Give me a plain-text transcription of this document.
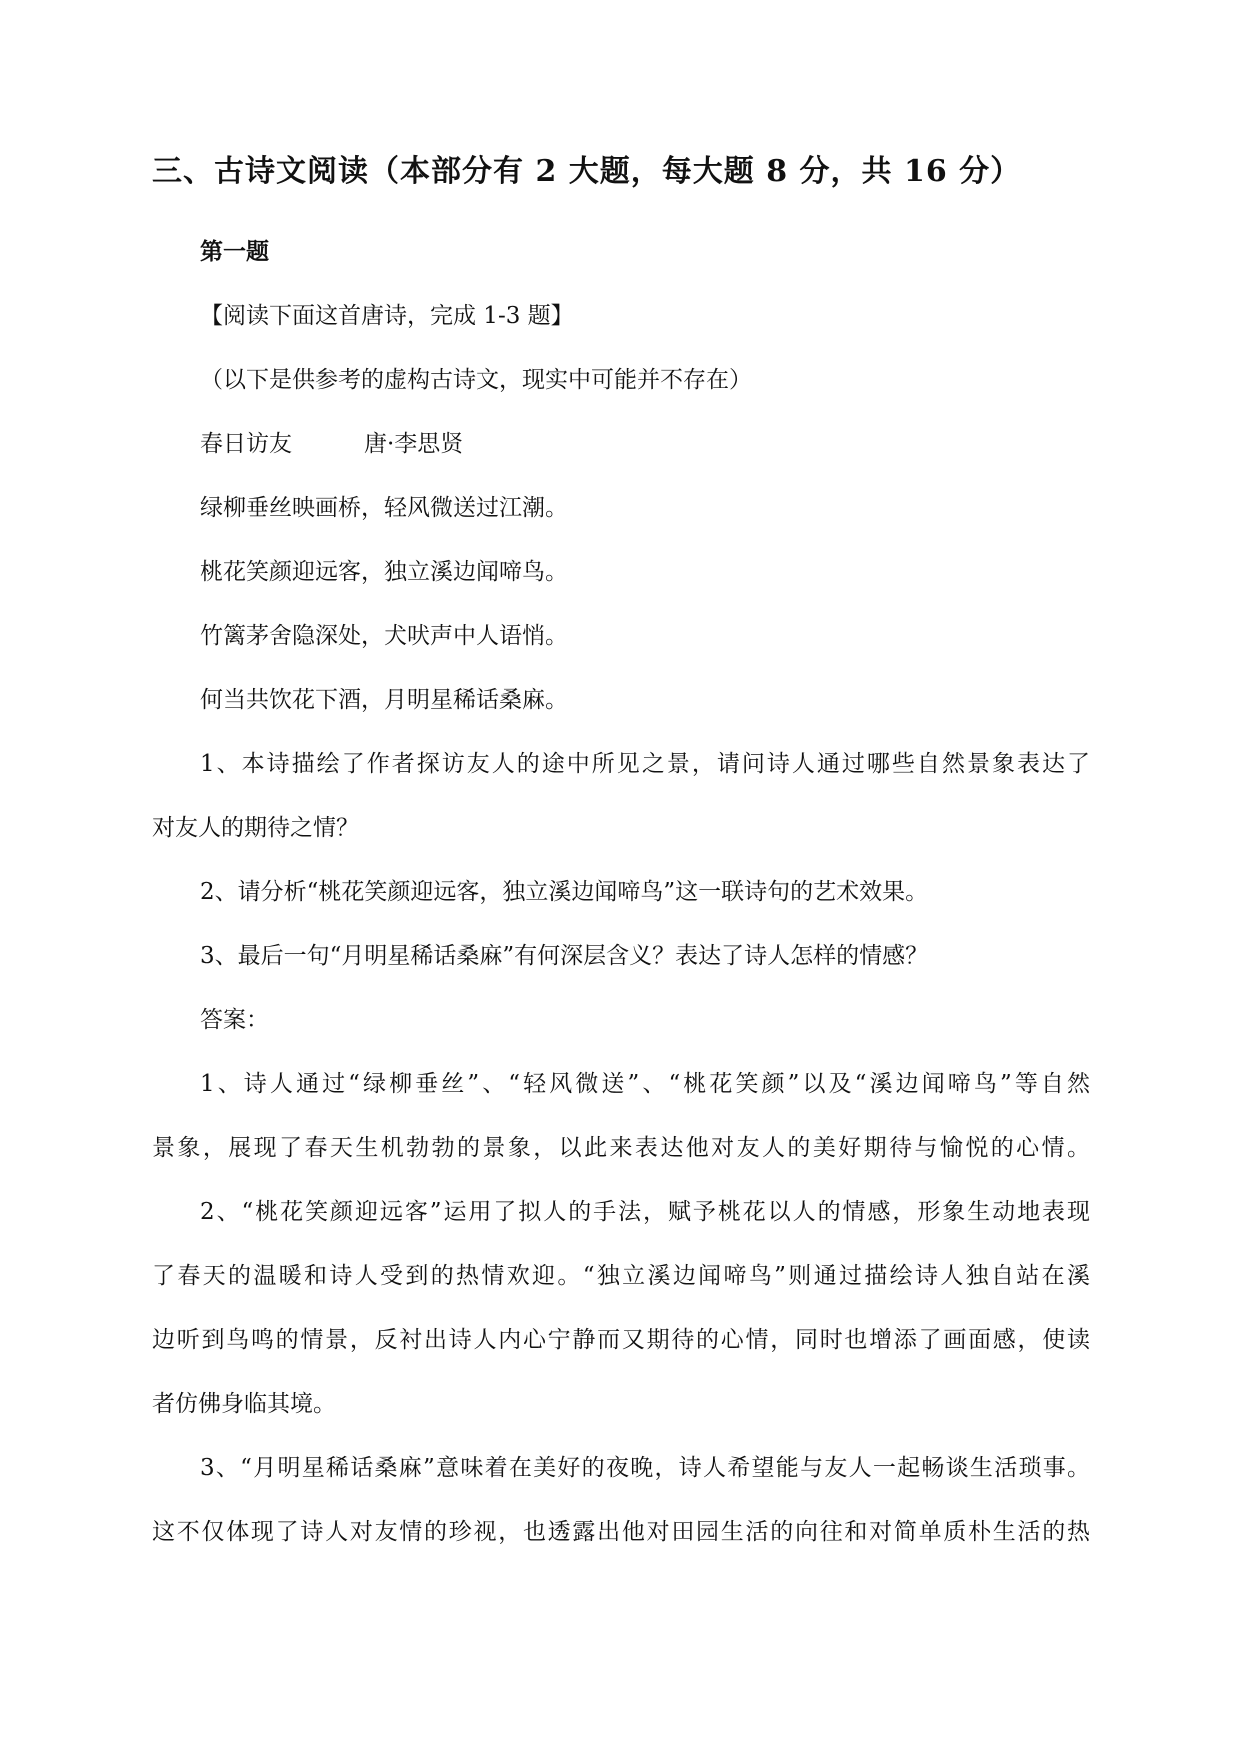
三、古诗文阅读（本部分有 2 大题，每大题 8 分，共 16 分）
第一题
【阅读下面这首唐诗，完成 1-3 题】
（以下是供参考的虚构古诗文，现实中可能并不存在）
春日访友	唐·李思贤
绿柳垂丝映画桥，轻风微送过江潮。
桃花笑颜迎远客，独立溪边闻啼鸟。
竹篱茅舍隐深处，犬吠声中人语悄。
何当共饮花下酒，月明星稀话桑麻。
1、本诗描绘了作者探访友人的途中所见之景，请问诗人通过哪些自然景象表达了
对友人的期待之情？
2、请分析“桃花笑颜迎远客，独立溪边闻啼鸟”这一联诗句的艺术效果。
3、最后一句“月明星稀话桑麻”有何深层含义？表达了诗人怎样的情感？
答案：
1、诗人通过“绿柳垂丝”、“轻风微送”、“桃花笑颜”以及“溪边闻啼鸟”等自然
景象，展现了春天生机勃勃的景象，以此来表达他对友人的美好期待与愉悦的心情。
2、“桃花笑颜迎远客”运用了拟人的手法，赋予桃花以人的情感，形象生动地表现
了春天的温暖和诗人受到的热情欢迎。“独立溪边闻啼鸟”则通过描绘诗人独自站在溪
边听到鸟鸣的情景，反衬出诗人内心宁静而又期待的心情，同时也增添了画面感，使读
者仿佛身临其境。
3、“月明星稀话桑麻”意味着在美好的夜晚，诗人希望能与友人一起畅谈生活琐事。
这不仅体现了诗人对友情的珍视，也透露出他对田园生活的向往和对简单质朴生活的热
